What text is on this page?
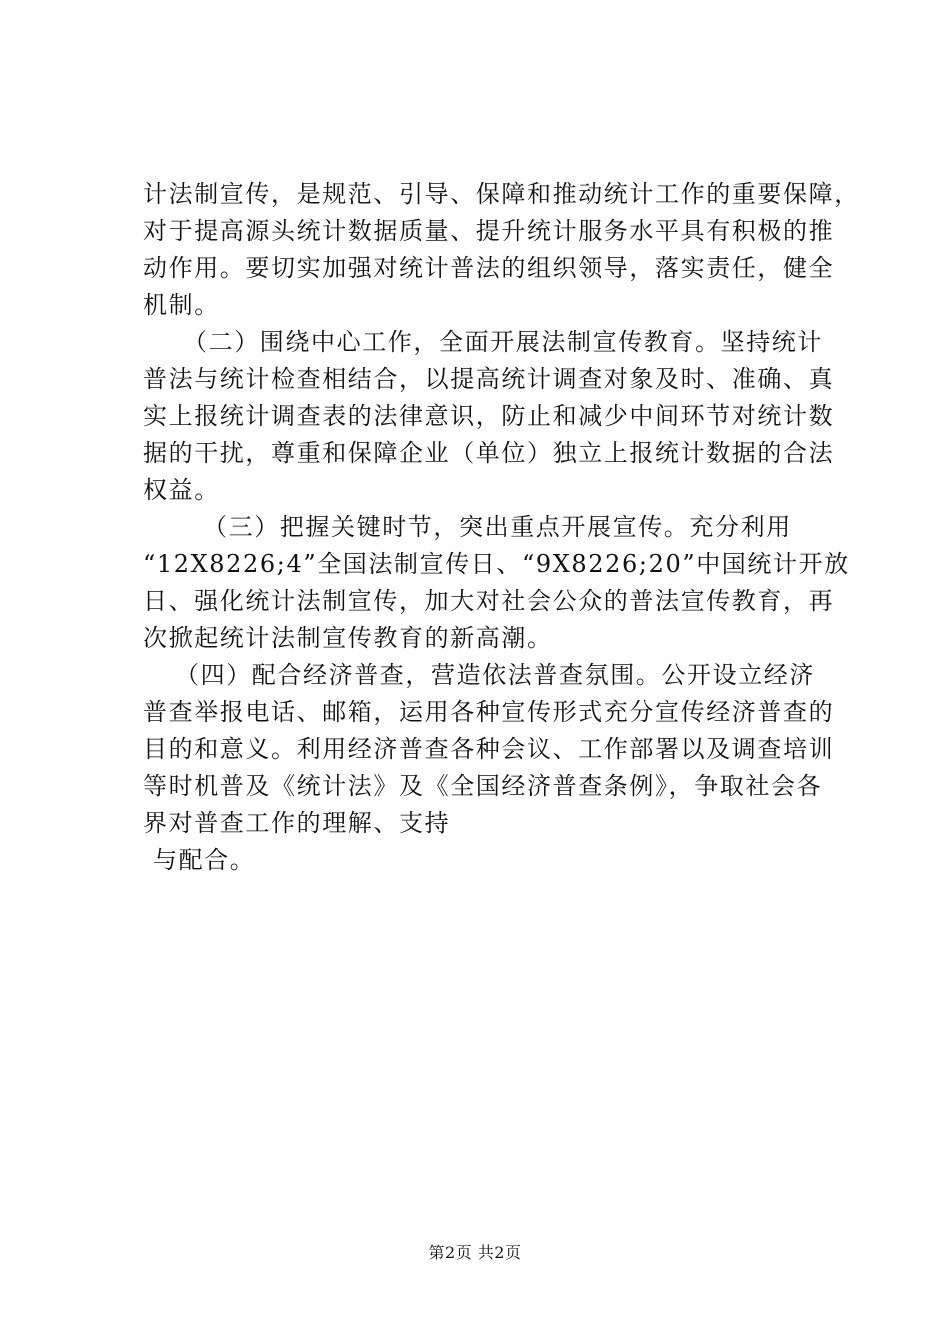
计法制宣传，是规范、引导、保障和推动统计工作的重要保障，
对于提高源头统计数据质量、提升统计服务水平具有积极的推
动作用。要切实加强对统计普法的组织领导，落实责任，健全
机制。
（二）围绕中心工作，全面开展法制宣传教育。坚持统计
普法与统计检查相结合，以提高统计调查对象及时、准确、真
实上报统计调查表的法律意识，防止和减少中间环节对统计数
据的干扰，尊重和保障企业（单位）独立上报统计数据的合法
权益。
（三）把握关键时节，突出重点开展宣传。充分利用
“12X8226;4”全国法制宣传日、“9X8226;20”中国统计开放
日、强化统计法制宣传，加大对社会公众的普法宣传教育，再
次掀起统计法制宣传教育的新高潮。
（四）配合经济普查，营造依法普查氛围。公开设立经济
普查举报电话、邮箱，运用各种宣传形式充分宣传经济普查的
目的和意义。利用经济普查各种会议、工作部署以及调查培训
等时机普及《统计法》及《全国经济普查条例》，争取社会各
界对普查工作的理解、支持
与配合。
第2页 共2页
